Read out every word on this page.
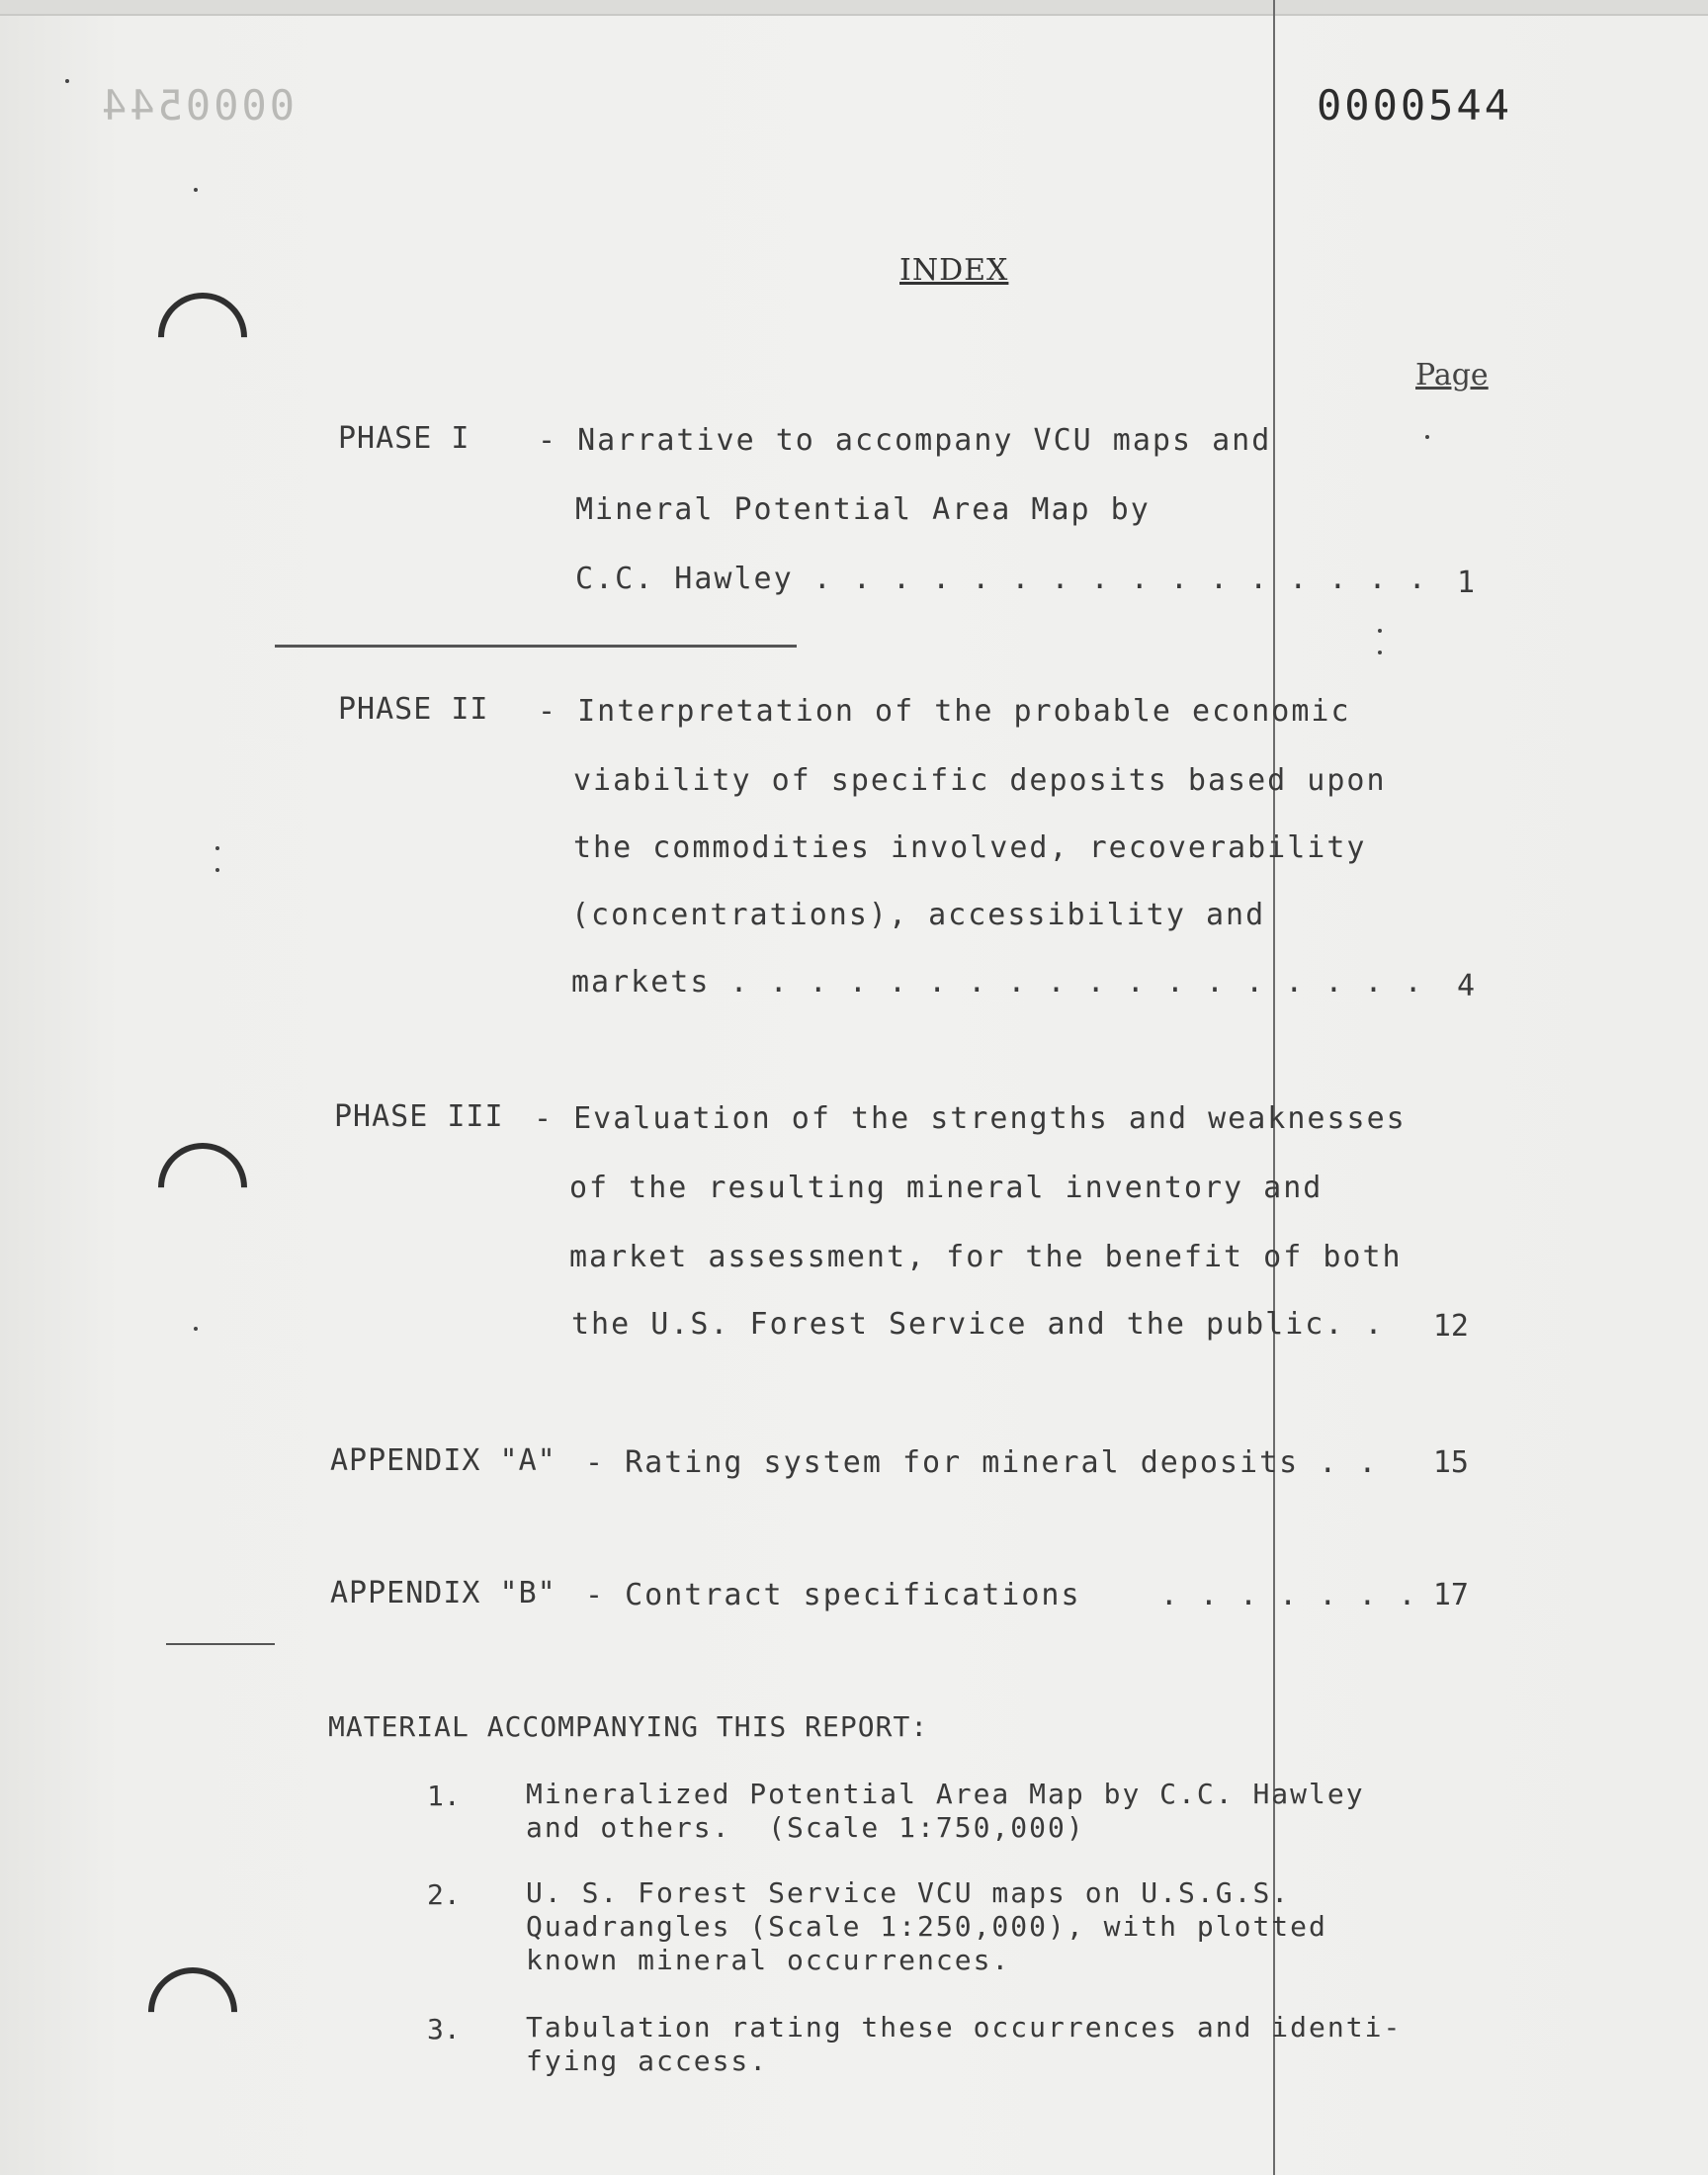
0000544	0000544
INDEX
Page
PHASE I - Narrative to accompany VCU maps and
Mineral Potential Area Map by
C.C. Hawley . . . . . . . . . . . . . . . . 1
PHASE II - Interpretation of the probable economic
viability of specific deposits based upon
the commodities involved, recoverability
(concentrations), accessibility and
markets . . . . . . . . . . . . . . . . . .	4
PHASE III - Evaluation of the strengths and weaknesses
of the resulting mineral inventory and
market assessment, for the benefit of both
the U.S. Forest Service and the public. .	12
APPENDIX "A" - Rating system for mineral deposits . .	15
APPENDIX "B" - Contract specifications    . . . . . . . 17
MATERIAL ACCOMPANYING THIS REPORT:
1. Mineralized Potential Area Map by C.C. Hawley
and others.  (Scale 1:750,000)
2. U. S. Forest Service VCU maps on U.S.G.S.
Quadrangles (Scale 1:250,000), with plotted
known mineral occurrences.
3. Tabulation rating these occurrences and identi-
fying access.
